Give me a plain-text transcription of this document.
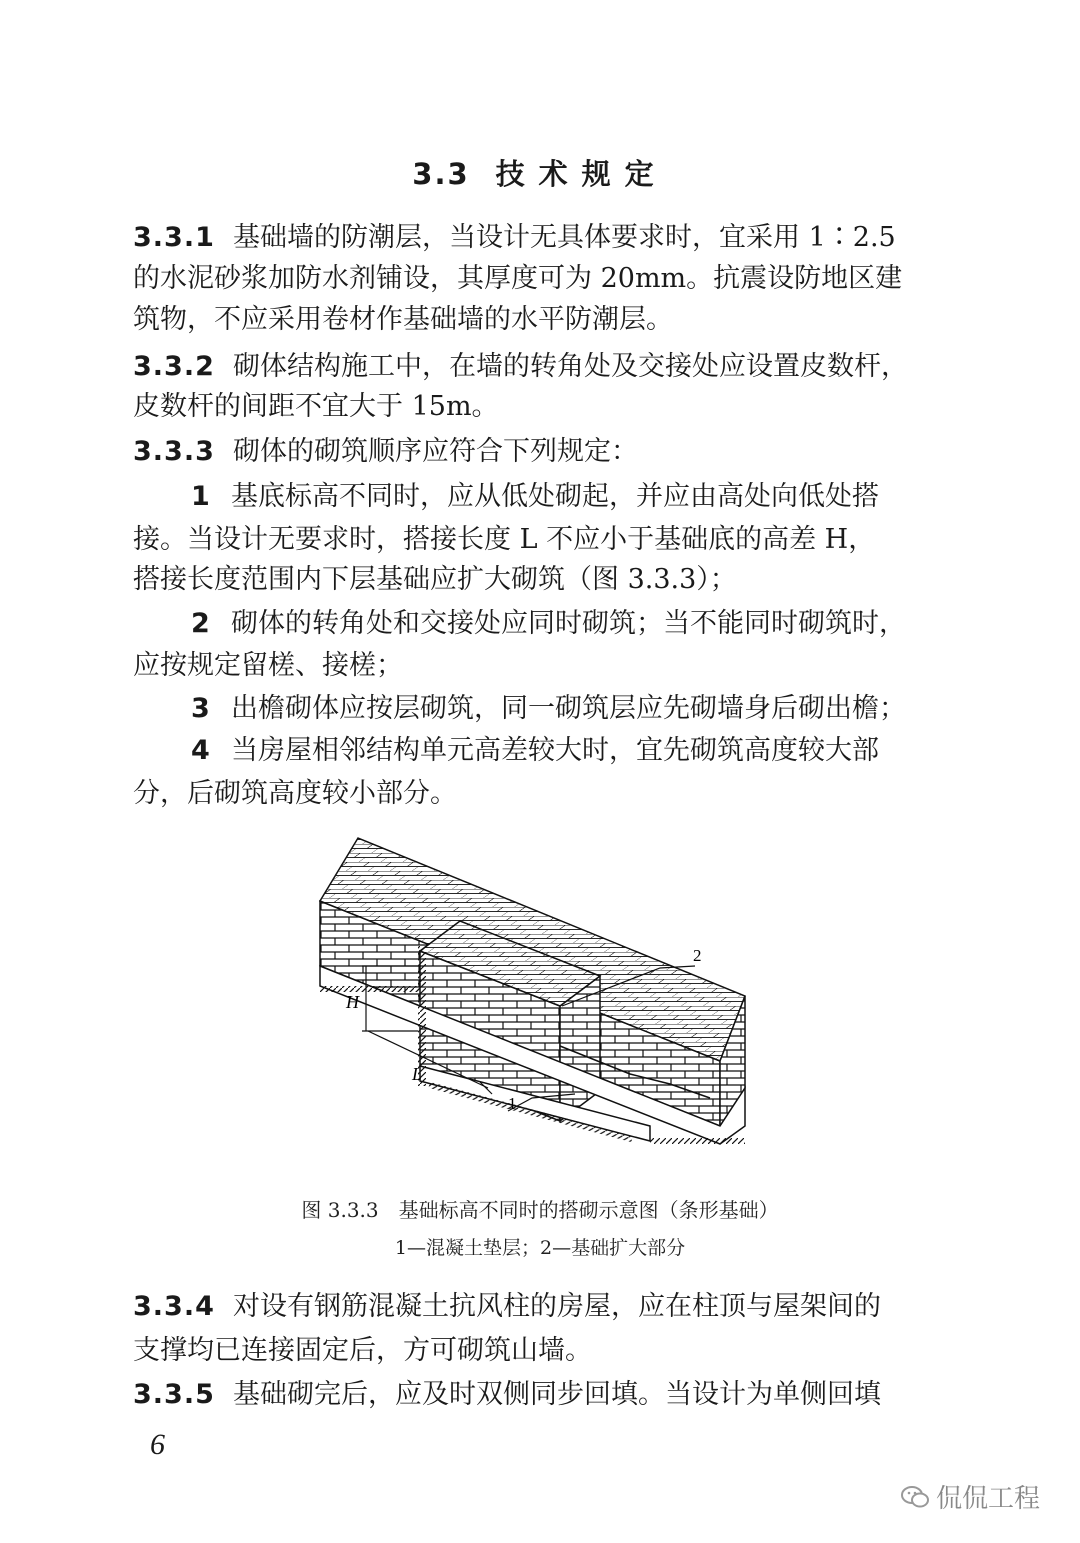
3.3 技术规定
3.3.1 基础墙的防潮层，当设计无具体要求时，宜采用 1∶2.5
的水泥砂浆加防水剂铺设，其厚度可为 20mm。抗震设防地区建
筑物，不应采用卷材作基础墙的水平防潮层。
3.3.2 砌体结构施工中，在墙的转角处及交接处应设置皮数杆，
皮数杆的间距不宜大于 15m。
3.3.3 砌体的砌筑顺序应符合下列规定：
1 基底标高不同时，应从低处砌起，并应由高处向低处搭
接。当设计无要求时，搭接长度 L 不应小于基础底的高差 H，
搭接长度范围内下层基础应扩大砌筑（图 3.3.3）；
2 砌体的转角处和交接处应同时砌筑；当不能同时砌筑时，
应按规定留槎、接槎；
3 出檐砌体应按层砌筑，同一砌筑层应先砌墙身后砌出檐；
4 当房屋相邻结构单元高差较大时，宜先砌筑高度较大部
分，后砌筑高度较小部分。
H
L
1
2
图 3.3.3　基础标高不同时的搭砌示意图（条形基础）
1—混凝土垫层；2—基础扩大部分
3.3.4 对设有钢筋混凝土抗风柱的房屋，应在柱顶与屋架间的
支撑均已连接固定后，方可砌筑山墙。
3.3.5 基础砌完后，应及时双侧同步回填。当设计为单侧回填
6
侃侃工程
